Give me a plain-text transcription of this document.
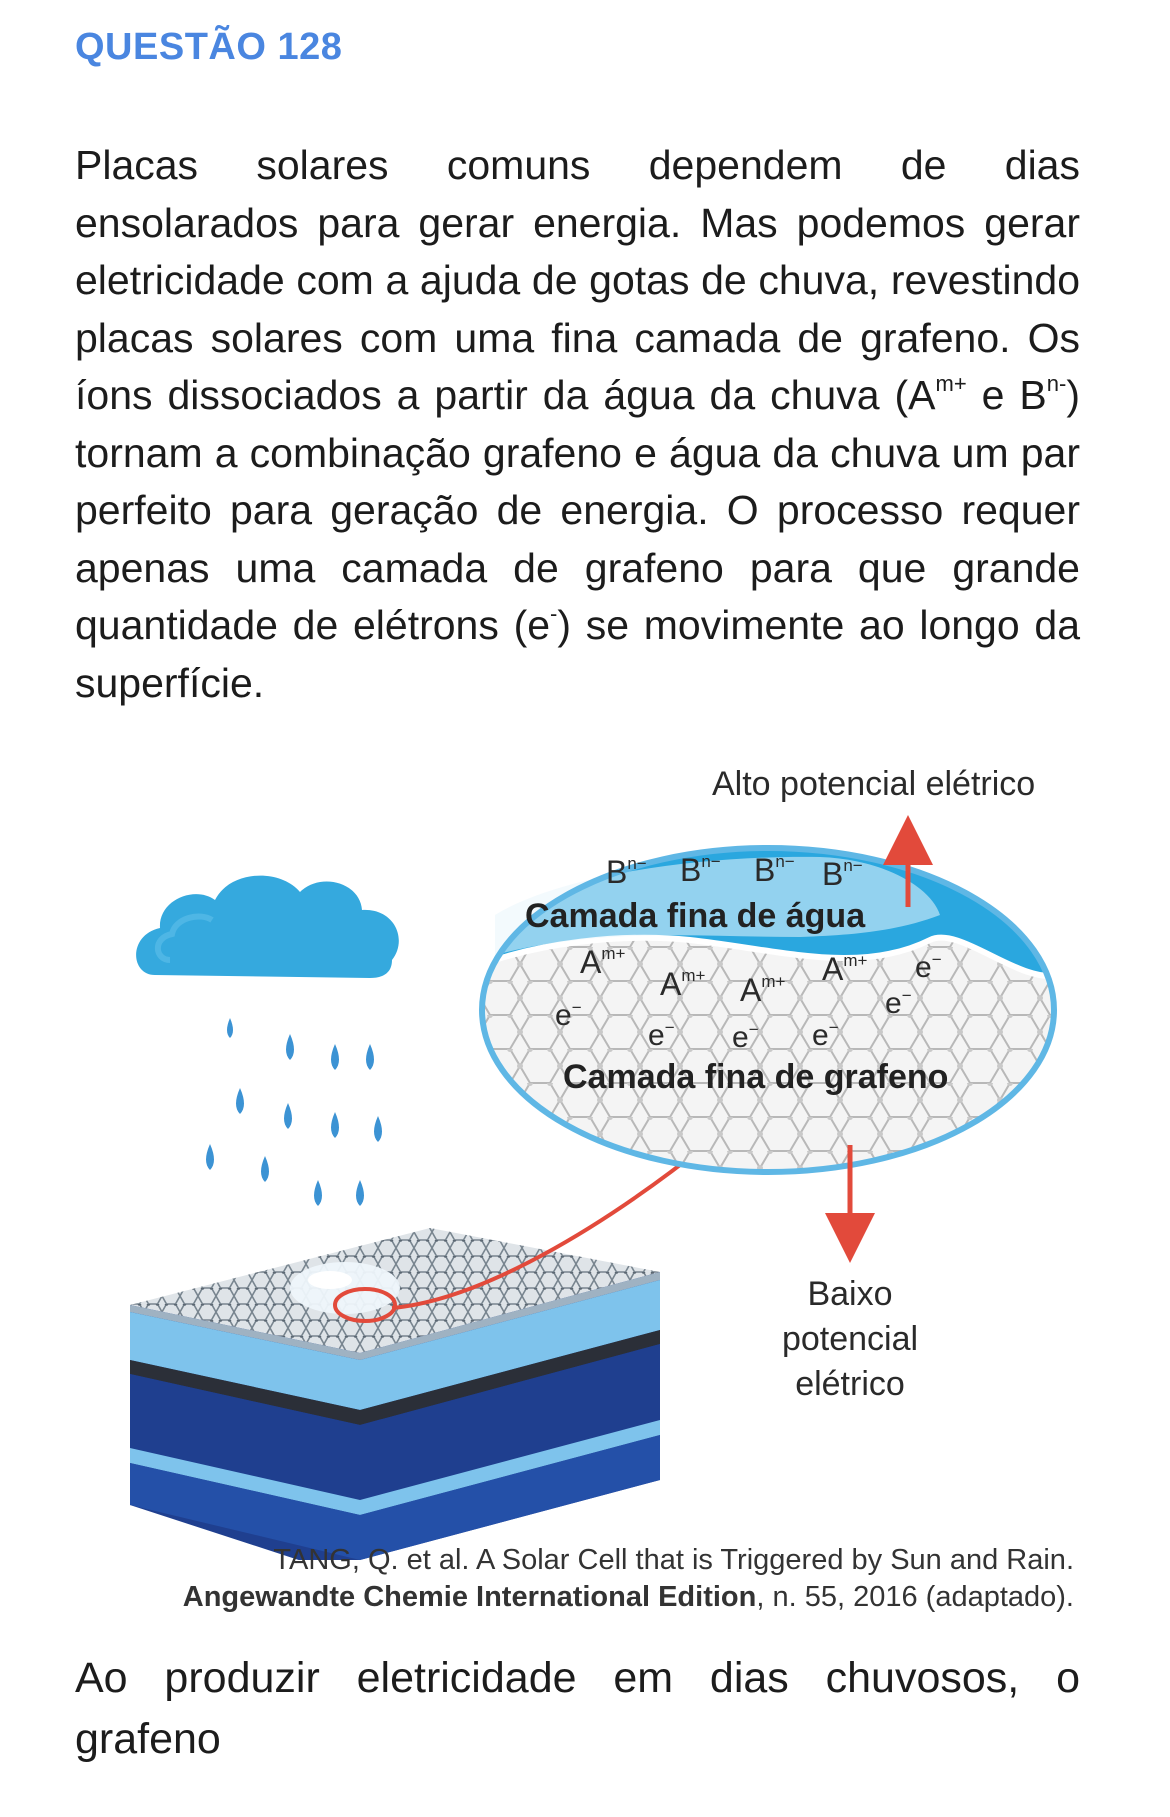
QUESTÃO 128

Placas solares comuns dependem de dias ensolarados para gerar energia. Mas podemos gerar eletricidade com a ajuda de gotas de chuva, revestindo placas solares com uma fina camada de grafeno. Os íons dissociados a partir da água da chuva ($A^{m+}$ e $B^{n-}$) tornam a combinação grafeno e água da chuva um par perfeito para geração de energia. O processo requer apenas uma camada de grafeno para que grande quantidade de elétrons (e-) se movimente ao longo da superfície.

$B^{n-}$ $B^{n-}$ $B^{n-}$ $B^{n-}$
Camada fina de água
$A^{m+}$
$A^{m+}$ $A^{m+}$ $A^{m+}$
e−
e− e− e−
e−
e−
Camada fina de grafeno
Alto potencial elétrico
Baixo
potencial
elétrico
TANG, Q. et al. A Solar Cell that is Triggered by Sun and Rain.
Angewandte Chemie International Edition, n. 55, 2016 (adaptado).

Ao produzir eletricidade em dias chuvosos, o grafeno
